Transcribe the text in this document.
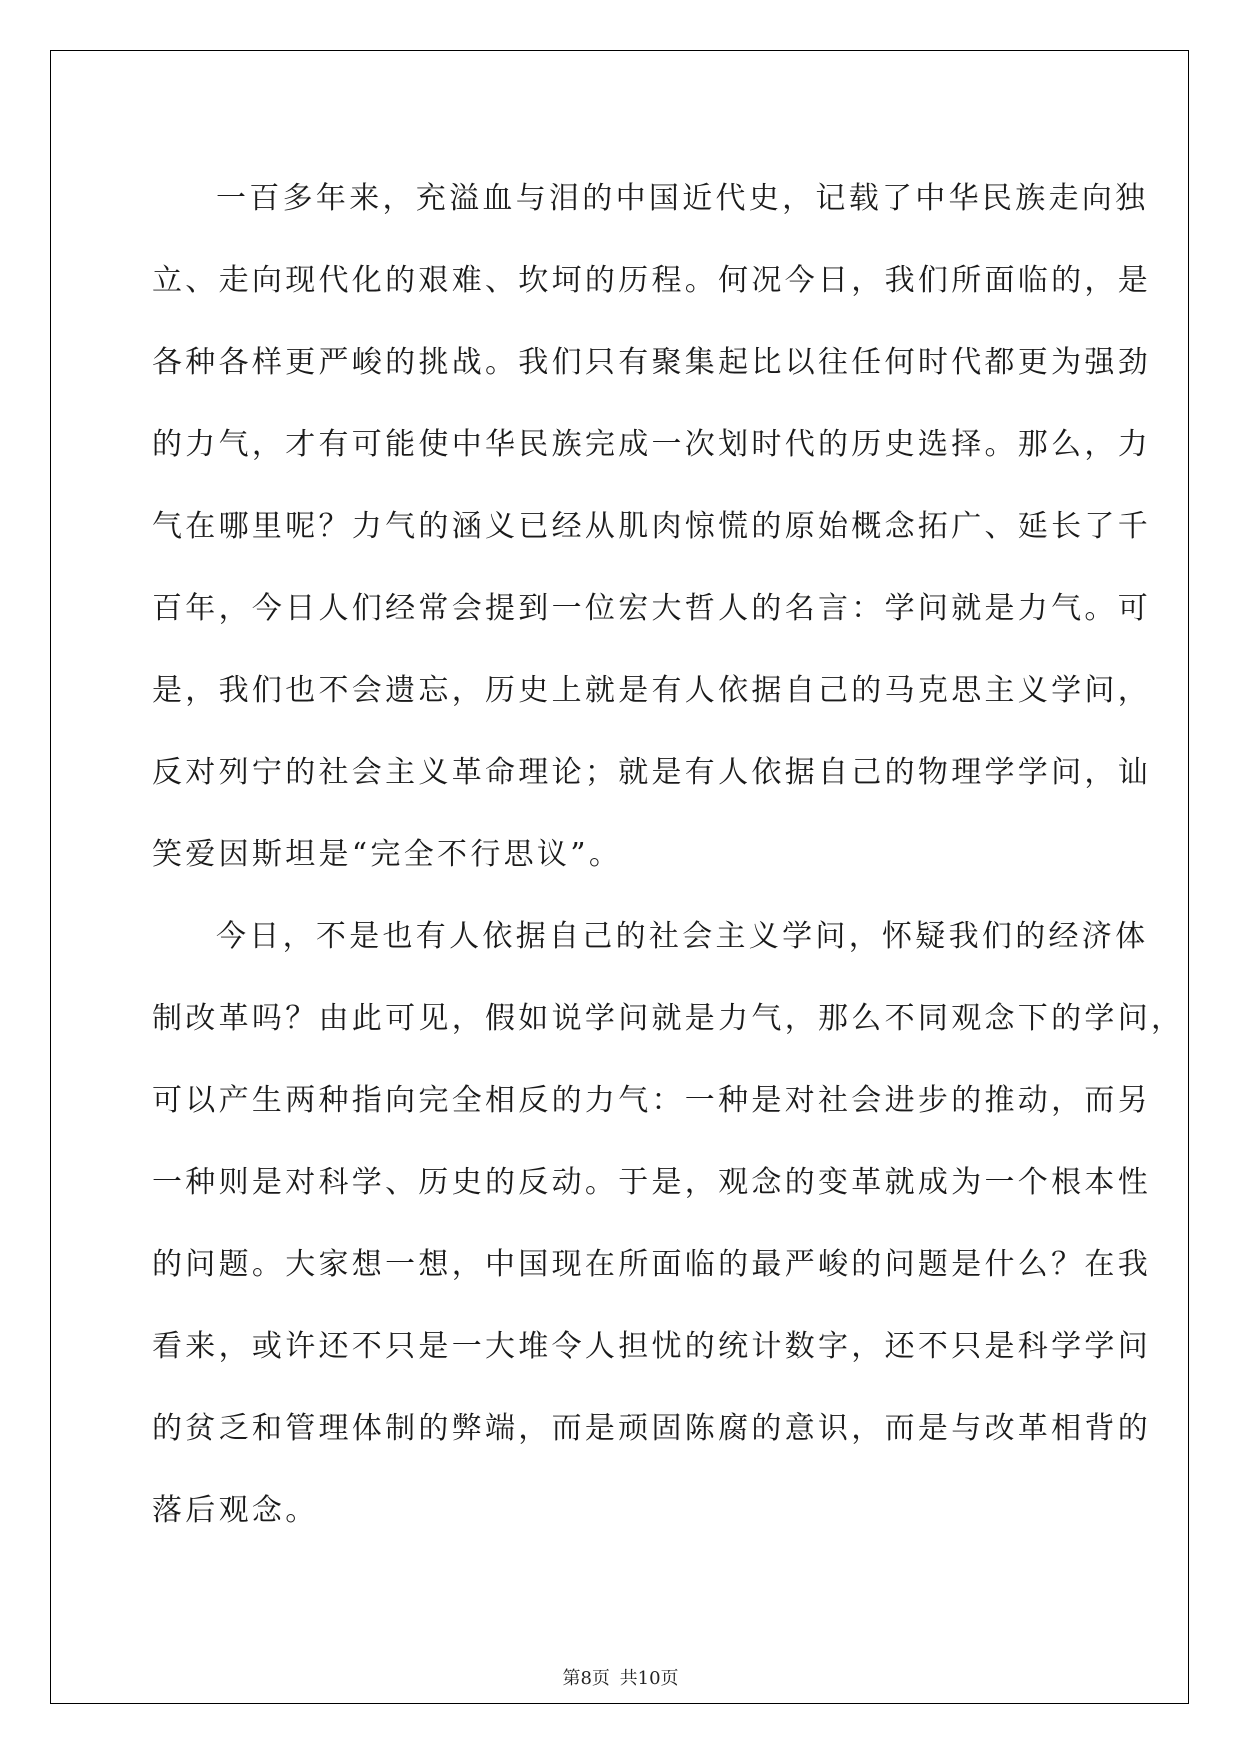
一百多年来，充溢血与泪的中国近代史，记载了中华民族走向独
立、走向现代化的艰难、坎坷的历程。何况今日，我们所面临的，是
各种各样更严峻的挑战。我们只有聚集起比以往任何时代都更为强劲
的力气，才有可能使中华民族完成一次划时代的历史选择。那么，力
气在哪里呢？力气的涵义已经从肌肉惊慌的原始概念拓广、延长了千
百年，今日人们经常会提到一位宏大哲人的名言：学问就是力气。可
是，我们也不会遗忘，历史上就是有人依据自己的马克思主义学问，
反对列宁的社会主义革命理论；就是有人依据自己的物理学学问，讪
笑爱因斯坦是“完全不行思议”。
今日，不是也有人依据自己的社会主义学问，怀疑我们的经济体
制改革吗？由此可见，假如说学问就是力气，那么不同观念下的学问，
可以产生两种指向完全相反的力气：一种是对社会进步的推动，而另
一种则是对科学、历史的反动。于是，观念的变革就成为一个根本性
的问题。大家想一想，中国现在所面临的最严峻的问题是什么？在我
看来，或许还不只是一大堆令人担忧的统计数字，还不只是科学学问
的贫乏和管理体制的弊端，而是顽固陈腐的意识，而是与改革相背的
落后观念。
第8页 共10页
